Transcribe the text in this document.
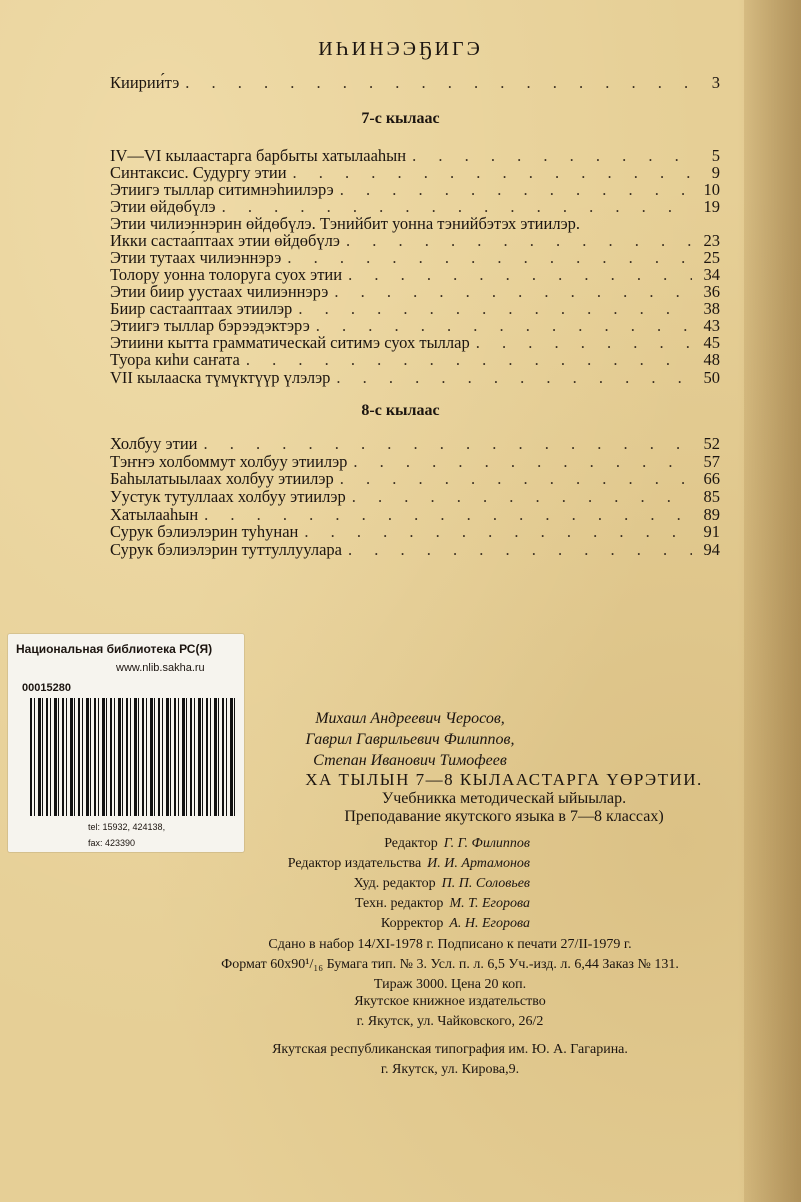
ИҺИНЭЭҔИГЭ
Киирии́тэ . . .	3
7-с кылаас
IV—VI кылаастарга барбыты хатылааһын . . .	5
Синтаксис. Судургу этии . . .	9
Этиигэ тыллар ситимнэһиилэрэ . . .	10
Этии өйдөбүлэ . . .	19
Этии чилиэннэрин өйдөбүлэ. Тэнийбит уонна тэнийбэтэх этиилэр.
Икки састаа́птаах этии өйдөбүлэ . . .	23
Этии тутаах чилиэннэрэ . . .	25
Толору уонна толоруга суох этии . . .	34
Этии биир уустаах чилиэннэрэ . . .	36
Биир састаа́птаах этиилэр . . .	38
Этиигэ тыллар бэрээдэктэрэ . . .	43
Этиини кытта грамматическай ситимэ суох тыллар . . .	45
Туора киһи саҥата . . .	48
VII кылааска түмүктүүр үлэлэр . . .	50
8-с кылаас
Холбуу этии . . .	52
Тэҥҥэ холбоммут холбуу этиилэр . . .	57
Баһылатыылаах холбуу этиилэр . . .	66
Уустук тутуллаах холбуу этиилэр . . .	85
Хатылааһын . . .	89
Сурук бэлиэлэрин туһунан . . .	91
Сурук бэлиэлэрин туттуллуулара . . .	94
Национальная библиотека РС(Я)
www.nlib.sakha.ru
00015280
tel: 15932, 424138,
fax: 423390
Михаил Андреевич Черосов,
Гаврил Гаврильевич Филиппов,
Степан Иванович Тимофеев
ХА ТЫЛЫН 7—8 КЫЛААСТАРГА ҮӨРЭТИИ.
Учебникка методическай ыйыылар.
Преподавание якутского языка в 7—8 классах)
Редактор Г. Г. Филиппов
Редактор издательства И. И. Артамонов
Худ. редактор П. П. Соловьев
Техн. редактор М. Т. Егорова
Корректор А. Н. Егорова
Сдано в набор 14/XI-1978 г. Подписано к печати 27/II-1979 г.
Формат 60x90¹/₁₆ Бумага тип. № 3. Усл. п. л. 6,5 Уч.-изд. л. 6,44 Заказ № 131.
Тираж 3000. Цена 20 коп.
Якутское книжное издательство
г. Якутск, ул. Чайковского, 26/2
Якутская республиканская типография им. Ю. А. Гагарина.
г. Якутск, ул. Кирова,9.
